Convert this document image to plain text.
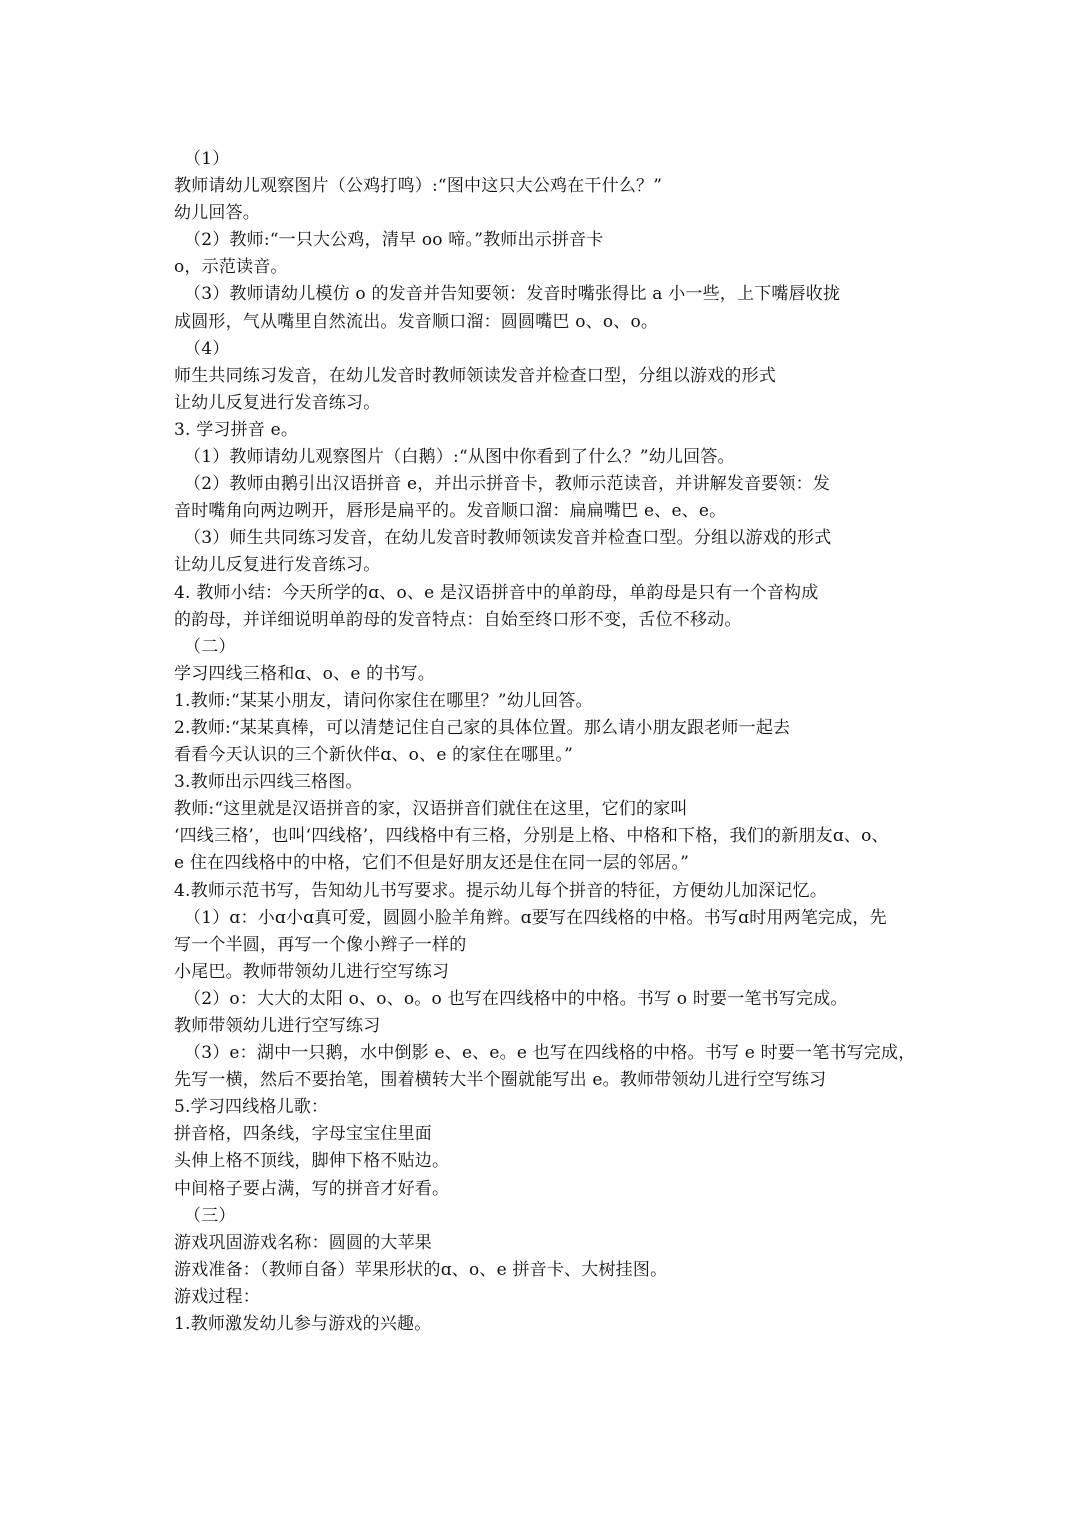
（1）
教师请幼儿观察图片（公鸡打鸣）:“图中这只大公鸡在干什么？”
幼儿回答。
（2）教师:“一只大公鸡，清早 oo 啼。”教师出示拼音卡
o，示范读音。
（3）教师请幼儿模仿 o 的发音并告知要领：发音时嘴张得比 a 小一些，上下嘴唇收拢
成圆形，气从嘴里自然流出。发音顺口溜：圆圆嘴巴 o、o、o。
（4）
师生共同练习发音，在幼儿发音时教师领读发音并检查口型，分组以游戏的形式
让幼儿反复进行发音练习。
3. 学习拼音 e。
（1）教师请幼儿观察图片（白鹅）:“从图中你看到了什么？”幼儿回答。
（2）教师由鹅引出汉语拼音 e，并出示拼音卡，教师示范读音，并讲解发音要领：发
音时嘴角向两边咧开，唇形是扁平的。发音顺口溜：扁扁嘴巴 e、e、e。
（3）师生共同练习发音，在幼儿发音时教师领读发音并检查口型。分组以游戏的形式
让幼儿反复进行发音练习。
4. 教师小结：今天所学的ɑ、o、e 是汉语拼音中的单韵母，单韵母是只有一个音构成
的韵母，并详细说明单韵母的发音特点：自始至终口形不变，舌位不移动。
（二）
学习四线三格和ɑ、o、e 的书写。
1.教师:“某某小朋友，请问你家住在哪里？”幼儿回答。
2.教师:“某某真棒，可以清楚记住自己家的具体位置。那么请小朋友跟老师一起去
看看今天认识的三个新伙伴ɑ、o、e 的家住在哪里。”
3.教师出示四线三格图。
教师:“这里就是汉语拼音的家，汉语拼音们就住在这里，它们的家叫
‘四线三格’，也叫‘四线格’，四线格中有三格，分别是上格、中格和下格，我们的新朋友ɑ、o、
e 住在四线格中的中格，它们不但是好朋友还是住在同一层的邻居。”
4.教师示范书写，告知幼儿书写要求。提示幼儿每个拼音的特征，方便幼儿加深记忆。
（1）ɑ：小ɑ小ɑ真可爱，圆圆小脸羊角辫。ɑ要写在四线格的中格。书写ɑ时用两笔完成，先
写一个半圆，再写一个像小辫子一样的
小尾巴。教师带领幼儿进行空写练习
（2）o：大大的太阳 o、o、o。o 也写在四线格中的中格。书写 o 时要一笔书写完成。
教师带领幼儿进行空写练习
（3）e：湖中一只鹅，水中倒影 e、e、e。e 也写在四线格的中格。书写 e 时要一笔书写完成，
先写一横，然后不要抬笔，围着横转大半个圈就能写出 e。教师带领幼儿进行空写练习
5.学习四线格儿歌：
拼音格，四条线，字母宝宝住里面
头伸上格不顶线，脚伸下格不贴边。
中间格子要占满，写的拼音才好看。
（三）
游戏巩固游戏名称：圆圆的大苹果
游戏准备：（教师自备）苹果形状的ɑ、o、e 拼音卡、大树挂图。
游戏过程：
1.教师激发幼儿参与游戏的兴趣。
